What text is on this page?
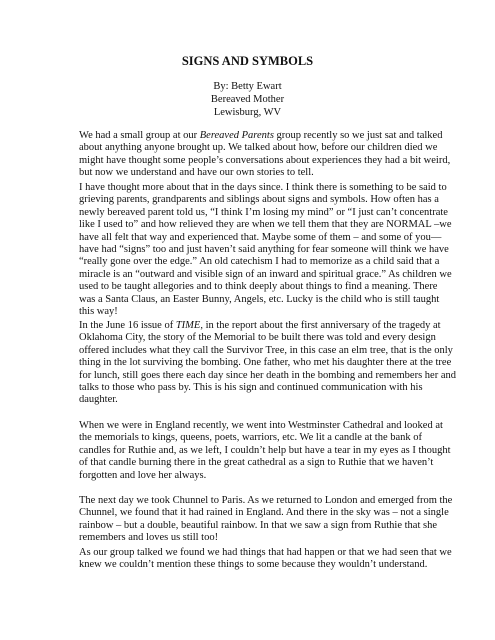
SIGNS AND SYMBOLS
By: Betty Ewart
Bereaved Mother
Lewisburg, WV

We had a small group at our Bereaved Parents group recently so we just sat and talked
about anything anyone brought up. We talked about how, before our children died we
might have thought some people’s conversations about experiences they had a bit weird,
but now we understand and have our own stories to tell.

I have thought more about that in the days since. I think there is something to be said to
grieving parents, grandparents and siblings about signs and symbols. How often has a
newly bereaved parent told us, “I think I’m losing my mind” or “I just can’t concentrate
like I used to” and how relieved they are when we tell them that they are NORMAL –we
have all felt that way and experienced that. Maybe some of them – and some of you—
have had “signs” too and just haven’t said anything for fear someone will think we have
“really gone over the edge.” An old catechism I had to memorize as a child said that a
miracle is an “outward and visible sign of an inward and spiritual grace.” As children we
used to be taught allegories and to think deeply about things to find a meaning. There
was a Santa Claus, an Easter Bunny, Angels, etc. Lucky is the child who is still taught
this way!

In the June 16 issue of TIME, in the report about the first anniversary of the tragedy at
Oklahoma City, the story of the Memorial to be built there was told and every design
offered includes what they call the Survivor Tree, in this case an elm tree, that is the only
thing in the lot surviving the bombing. One father, who met his daughter there at the tree
for lunch, still goes there each day since her death in the bombing and remembers her and
talks to those who pass by. This is his sign and continued communication with his
daughter.

When we were in England recently, we went into Westminster Cathedral and looked at
the memorials to kings, queens, poets, warriors, etc. We lit a candle at the bank of
candles for Ruthie and, as we left, I couldn’t help but have a tear in my eyes as I thought
of that candle burning there in the great cathedral as a sign to Ruthie that we haven’t
forgotten and love her always.

The next day we took Chunnel to Paris. As we returned to London and emerged from the
Chunnel, we found that it had rained in England. And there in the sky was – not a single
rainbow – but a double, beautiful rainbow. In that we saw a sign from Ruthie that she
remembers and loves us still too!

As our group talked we found we had things that had happen or that we had seen that we
knew we couldn’t mention these things to some because they wouldn’t understand.
